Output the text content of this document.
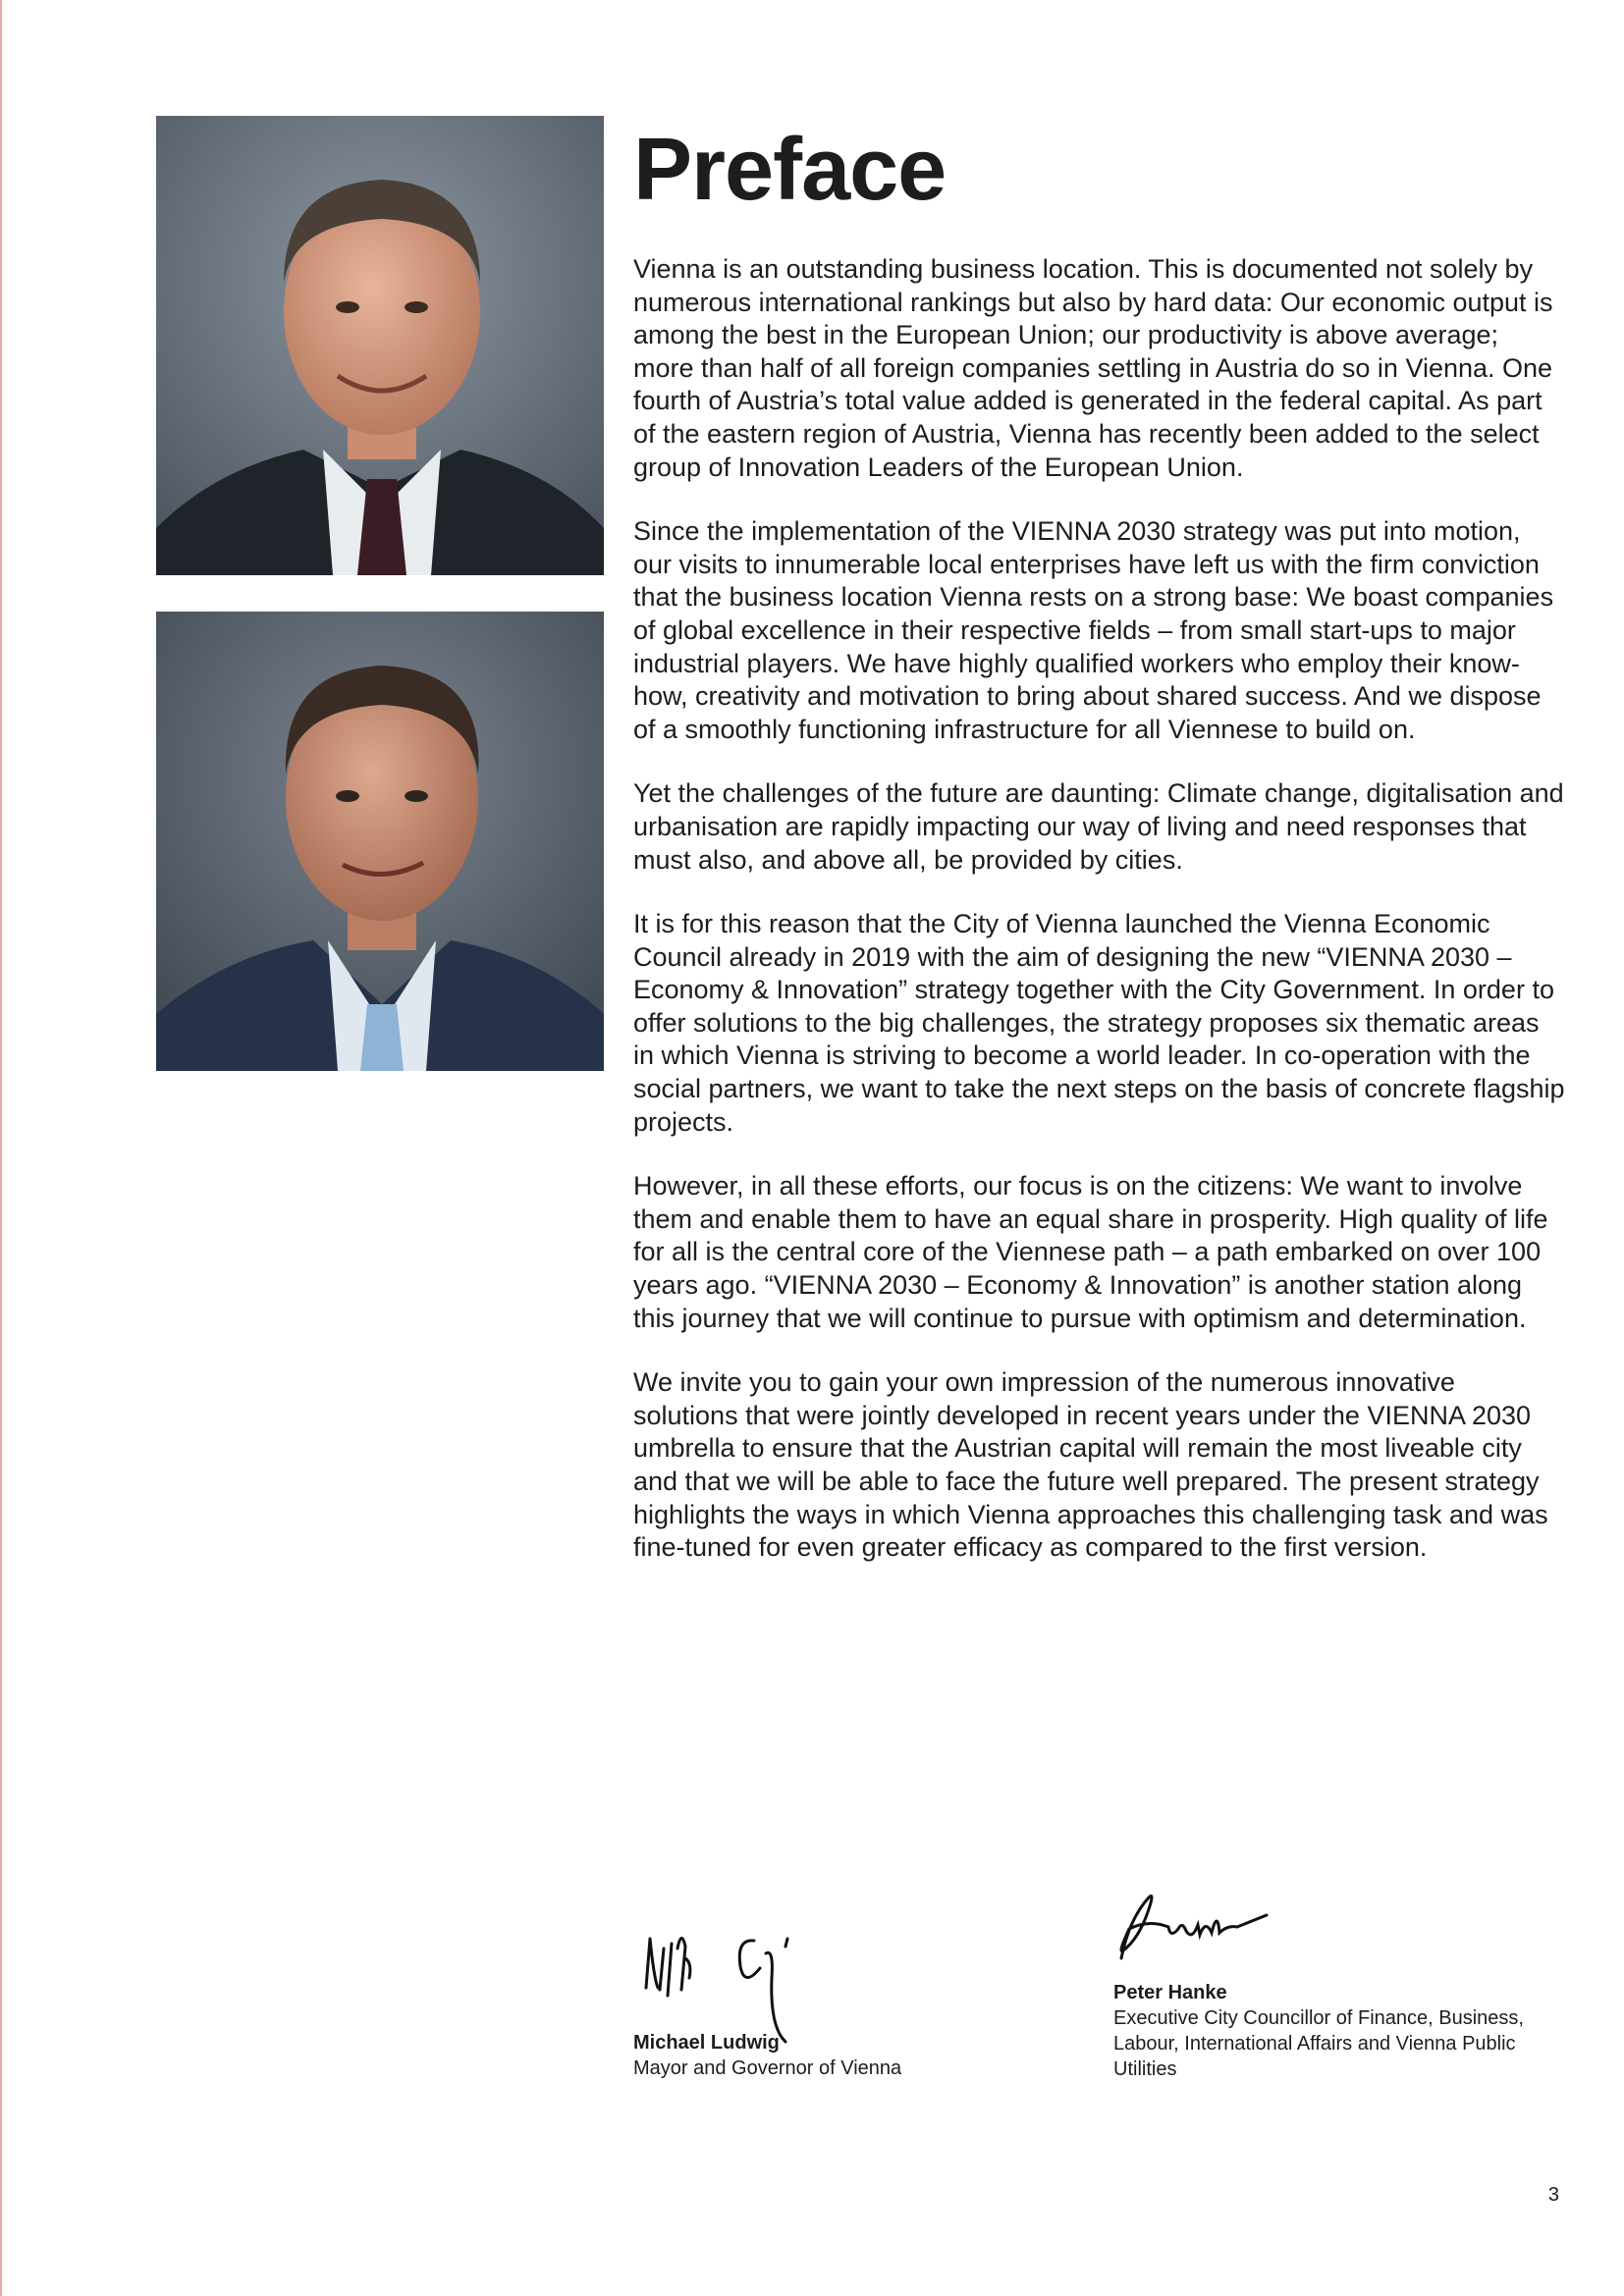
Preface

Vienna is an outstanding business location. This is documented not solely by numerous international rankings but also by hard data: Our economic output is among the best in the European Union; our productivity is above average; more than half of all foreign companies settling in Austria do so in Vienna. One fourth of Austria’s total value added is generated in the federal capital. As part of the eastern region of Austria, Vienna has recently been added to the select group of Innovation Leaders of the European Union.

Since the implementation of the VIENNA 2030 strategy was put into motion, our visits to innumerable local enterprises have left us with the firm conviction that the business location Vienna rests on a strong base: We boast companies of global excellence in their respective fields – from small start-ups to major industrial players. We have highly qualified workers who employ their know-how, creativity and motivation to bring about shared success. And we dispose of a smoothly functioning infrastructure for all Viennese to build on.

Yet the challenges of the future are daunting: Climate change, digitalisation and urbanisation are rapidly impacting our way of living and need responses that must also, and above all, be provided by cities.

It is for this reason that the City of Vienna launched the Vienna Economic Council already in 2019 with the aim of designing the new “VIENNA 2030 – Economy & Innovation” strategy together with the City Government. In order to offer solutions to the big challenges, the strategy proposes six thematic areas in which Vienna is striving to become a world leader. In co-operation with the social partners, we want to take the next steps on the basis of concrete flagship projects.

However, in all these efforts, our focus is on the citizens: We want to involve them and enable them to have an equal share in prosperity. High quality of life for all is the central core of the Viennese path – a path embarked on over 100 years ago. “VIENNA 2030 – Economy & Innovation” is another station along this journey that we will continue to pursue with optimism and determination.

We invite you to gain your own impression of the numerous innovative solutions that were jointly developed in recent years under the VIENNA 2030 umbrella to ensure that the Austrian capital will remain the most liveable city and that we will be able to face the future well prepared. The present strategy highlights the ways in which Vienna approaches this challenging task and was fine-tuned for even greater efficacy as compared to the first version.

Michael Ludwig
Mayor and Governor of Vienna
Peter Hanke
Executive City Councillor of Finance, Business, Labour, International Affairs and Vienna Public Utilities
3
